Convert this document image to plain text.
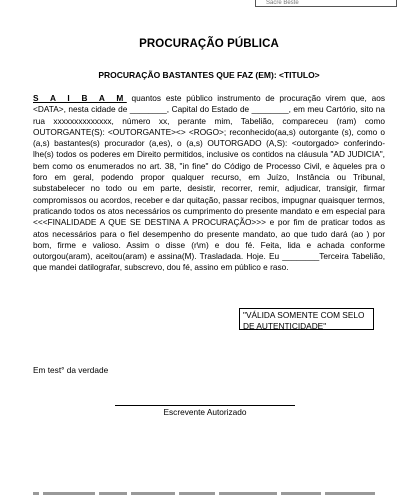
Sacre Beste
PROCURAÇÃO PÚBLICA
PROCURAÇÃO BASTANTES QUE FAZ (EM): <TITULO>
S A I B A M quantos este público instrumento de procuração virem que, aos <DATA>, nesta cidade de ________, Capital do Estado de ________, em meu Cartório, sito na rua xxxxxxxxxxxxxx, número xx, perante mim, Tabelião, compareceu (ram) como OUTORGANTE(S): <OUTORGANTE><> <ROGO>; reconhecido(aa,s) outorgante (s), como o (a,s) bastantes(s) procurador (a,es), o (a,s) OUTORGADO (A,S): <outorgado> conferindo-lhe(s) todos os poderes em Direito permitidos, inclusive os contidos na cláusula "AD JUDICIA", bem como os enumerados no art. 38, "in fine" do Código de Processo Civil, e àqueles pra o foro em geral, podendo propor qualquer recurso, em Juízo, Instância ou Tribunal, substabelecer no todo ou em parte, desistir, recorrer, remir, adjudicar, transigir, firmar compromissos ou acordos, receber e dar quitação, passar recibos, impugnar quaisquer termos, praticando todos os atos necessários os cumprimento do presente mandato e em especial para <<<FINALIDADE A QUE SE DESTINA A PROCURAÇÃO>>> e por fim de praticar todos as atos necessários para o fiel desempenho do presente mandato, ao que tudo dará (ao ) por bom, firme e valioso. Assim o disse (r\m) e dou fé. Feita, lida e achada conforme outorgou(aram), aceitou(aram) e assina(M). Trasladada. Hoje. Eu ________Terceira Tabelião, que mandei datilografar, subscrevo, dou fé, assino em público e raso.
"VÁLIDA SOMENTE COM SELO DE AUTENTICIDADE"
Em test° da verdade
Escrevente Autorizado
